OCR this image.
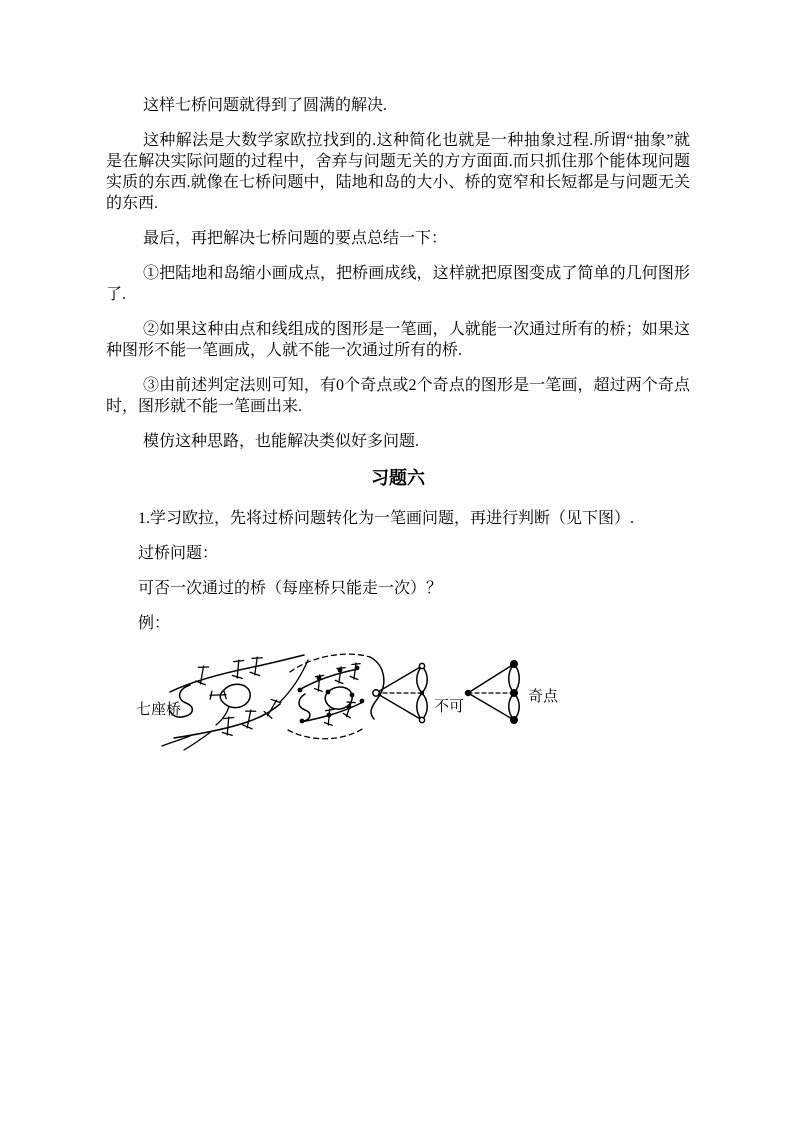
这样七桥问题就得到了圆满的解决.

这种解法是大数学家欧拉找到的.这种简化也就是一种抽象过程.所谓“抽象”就是在解决实际问题的过程中，舍弃与问题无关的方方面面.而只抓住那个能体现问题实质的东西.就像在七桥问题中，陆地和岛的大小、桥的宽窄和长短都是与问题无关的东西.

最后，再把解决七桥问题的要点总结一下：

①把陆地和岛缩小画成点，把桥画成线，这样就把原图变成了简单的几何图形了.

②如果这种由点和线组成的图形是一笔画，人就能一次通过所有的桥；如果这种图形不能一笔画成，人就不能一次通过所有的桥.

③由前述判定法则可知，有0个奇点或2个奇点的图形是一笔画，超过两个奇点时，图形就不能一笔画出来.

模仿这种思路，也能解决类似好多问题.

习题六

1.学习欧拉，先将过桥问题转化为一笔画问题，再进行判断（见下图）.

过桥问题：

可否一次通过的桥（每座桥只能走一次）？

例：

七座桥	不可
奇点
